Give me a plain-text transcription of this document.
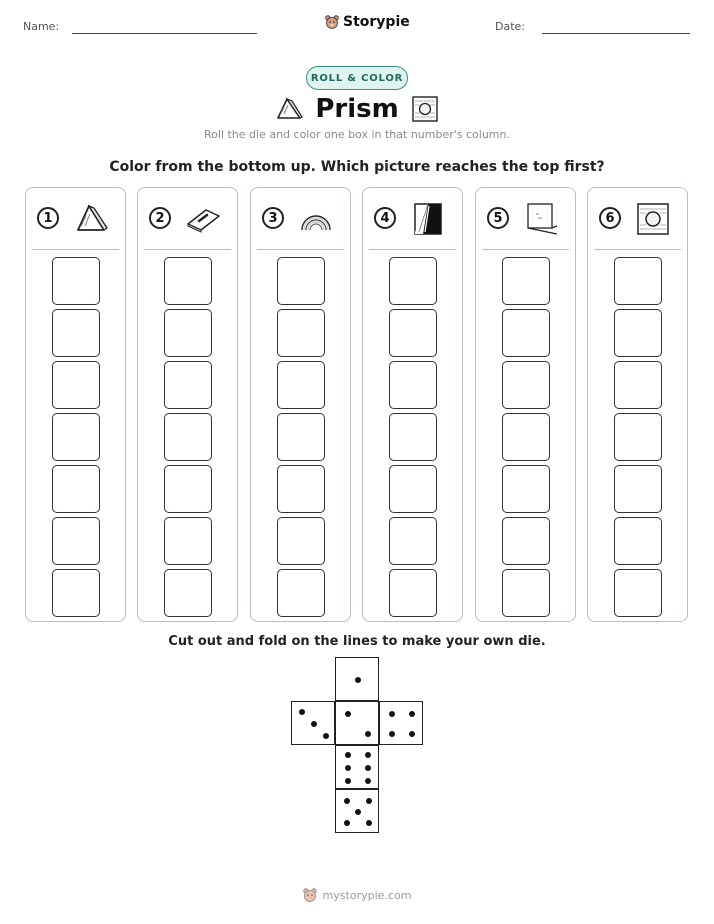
Name:	Storypie	Date:
ROLL & COLOR
Prism
Roll the die and color one box in that number's column.
Color from the bottom up. Which picture reaches the top first?
1	2	3	4	5	6
Cut out and fold on the lines to make your own die.
mystorypie.com
